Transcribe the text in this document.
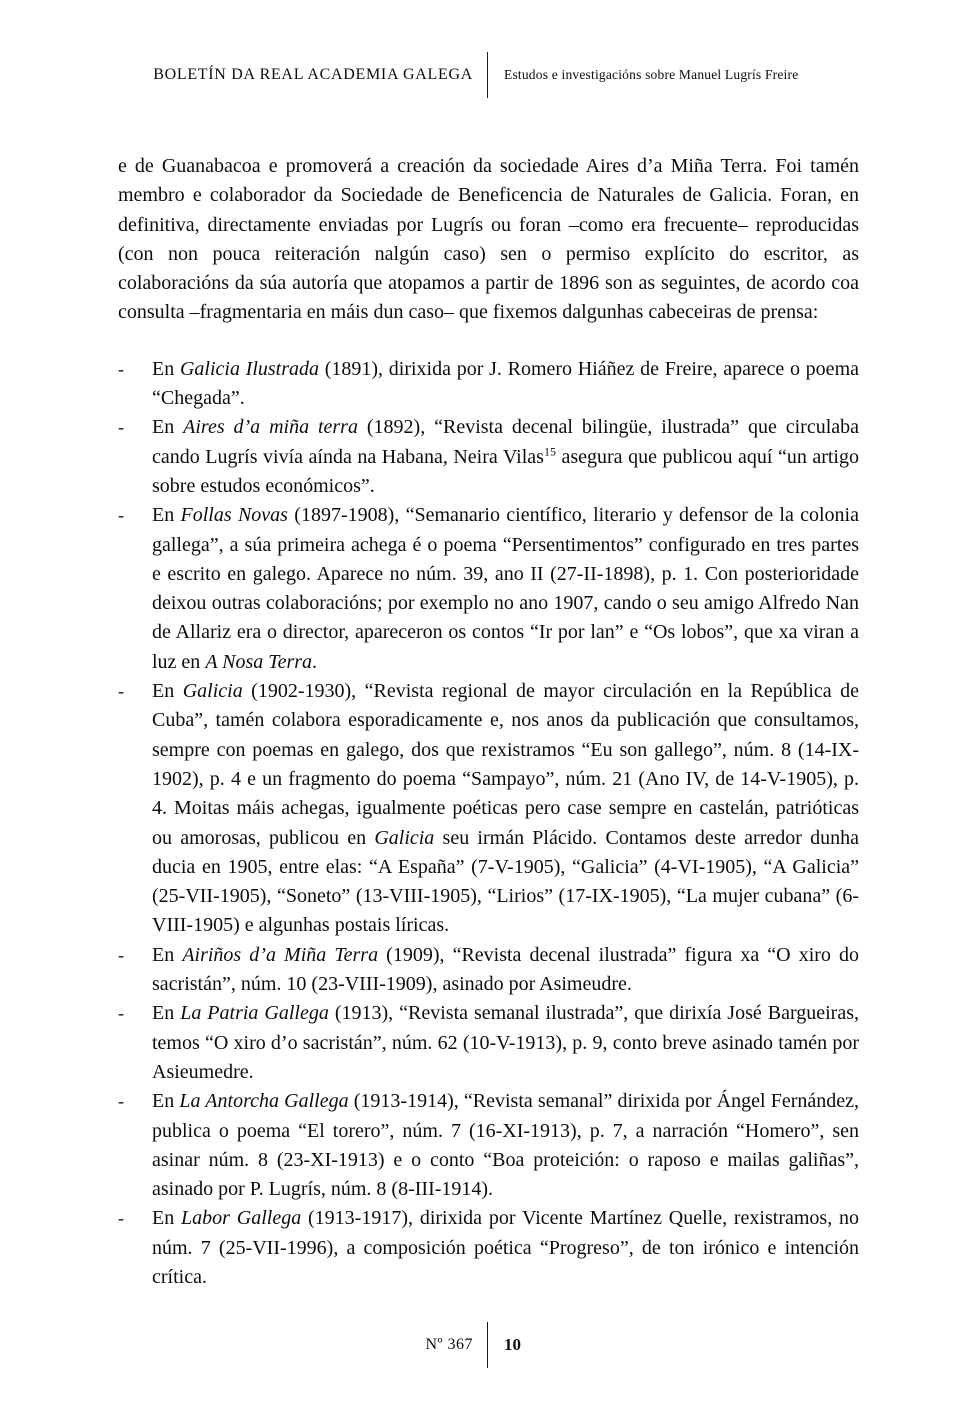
BOLETÍN DA REAL ACADEMIA GALEGA	Estudos e investigacións sobre Manuel Lugrís Freire

e de Guanabacoa e promoverá a creación da sociedade Aires d’a Miña Terra. Foi tamén membro e colaborador da Sociedade de Beneficencia de Naturales de Galicia. Foran, en definitiva, directamente enviadas por Lugrís ou foran –como era frecuente– reproducidas (con non pouca reiteración nalgún caso) sen o permiso explícito do escritor, as colaboracións da súa autoría que atopamos a partir de 1896 son as seguintes, de acordo coa consulta –fragmentaria en máis dun caso– que fixemos dalgunhas cabeceiras de prensa:

-	En Galicia Ilustrada (1891), dirixida por J. Romero Hiáñez de Freire, aparece o poema “Chegada”.
-	En Aires d’a miña terra (1892), “Revista decenal bilingüe, ilustrada” que circulaba cando Lugrís vivía aínda na Habana, Neira Vilas$^{15}$ asegura que publicou aquí “un artigo sobre estudos económicos”.
-	En Follas Novas (1897-1908), “Semanario científico, literario y defensor de la colonia gallega”, a súa primeira achega é o poema “Persentimentos” configurado en tres partes e escrito en galego. Aparece no núm. 39, ano II (27-II-1898), p. 1. Con posterioridade deixou outras colaboracións; por exemplo no ano 1907, cando o seu amigo Alfredo Nan de Allariz era o director, apareceron os contos “Ir por lan” e “Os lobos”, que xa viran a luz en A Nosa Terra.
-	En Galicia (1902-1930), “Revista regional de mayor circulación en la República de Cuba”, tamén colabora esporadicamente e, nos anos da publicación que consultamos, sempre con poemas en galego, dos que rexistramos “Eu son gallego”, núm. 8 (14-IX-1902), p. 4 e un fragmento do poema “Sampayo”, núm. 21 (Ano IV, de 14-V-1905), p. 4. Moitas máis achegas, igualmente poéticas pero case sempre en castelán, patrióticas ou amorosas, publicou en Galicia seu irmán Plácido. Contamos deste arredor dunha ducia en 1905, entre elas: “A España” (7-V-1905), “Galicia” (4-VI-1905), “A Galicia” (25-VII-1905), “Soneto” (13-VIII-1905), “Lirios” (17-IX-1905), “La mujer cubana” (6-VIII-1905) e algunhas postais líricas.
-	En Airiños d’a Miña Terra (1909), “Revista decenal ilustrada” figura xa “O xiro do sacristán”, núm. 10 (23-VIII-1909), asinado por Asimeudre.
-	En La Patria Gallega (1913), “Revista semanal ilustrada”, que dirixía José Bargueiras, temos “O xiro d’o sacristán”, núm. 62 (10-V-1913), p. 9, conto breve asinado tamén por Asieumedre.
-	En La Antorcha Gallega (1913-1914), “Revista semanal” dirixida por Ángel Fernández, publica o poema “El torero”, núm. 7 (16-XI-1913), p. 7, a narración “Homero”, sen asinar núm. 8 (23-XI-1913) e o conto “Boa proteición: o raposo e mailas galiñas”, asinado por P. Lugrís, núm. 8 (8-III-1914).
-	En Labor Gallega (1913-1917), dirixida por Vicente Martínez Quelle, rexistramos, no núm. 7 (25-VII-1996), a composición poética “Progreso”, de ton irónico e intención crítica.
Nº 367	10
